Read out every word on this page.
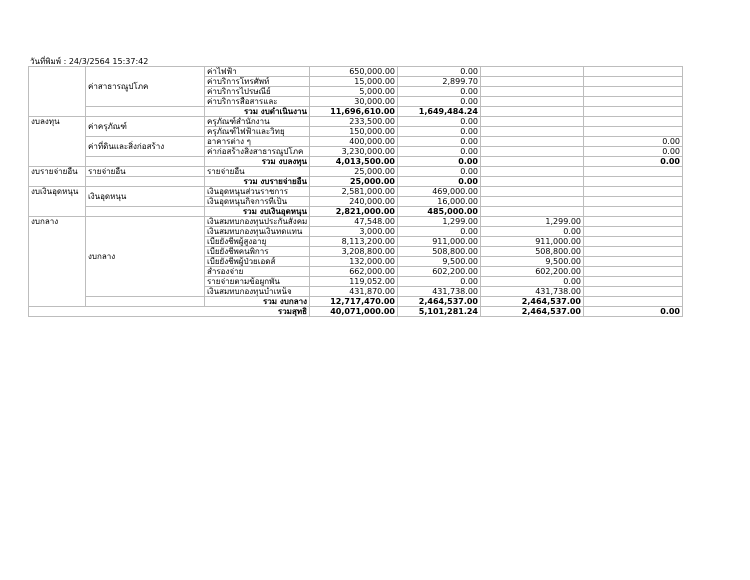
วันที่พิมพ์ : 24/3/2564 15:37:42
	ค่าสาธารณูปโภค	ค่าไฟฟ้า	650,000.00	0.00		
		ค่าบริการโทรศัพท์	15,000.00	2,899.70		
		ค่าบริการไปรษณีย์	5,000.00	0.00		
		ค่าบริการสื่อสารและ	30,000.00	0.00		
		รวม งบดำเนินงาน	11,696,610.00	1,649,484.24		
งบลงทุน	ค่าครุภัณฑ์	ครุภัณฑ์สำนักงาน	233,500.00	0.00		
		ครุภัณฑ์ไฟฟ้าและวิทยุ	150,000.00	0.00		
	ค่าที่ดินและสิ่งก่อสร้าง	อาคารต่าง ๆ	400,000.00	0.00		0.00
		ค่าก่อสร้างสิ่งสาธารณูปโภค	3,230,000.00	0.00		0.00
		รวม งบลงทุน	4,013,500.00	0.00		0.00
งบรายจ่ายอื่น	รายจ่ายอื่น	รายจ่ายอื่น	25,000.00	0.00		
		รวม งบรายจ่ายอื่น	25,000.00	0.00		
งบเงินอุดหนุน	เงินอุดหนุน	เงินอุดหนุนส่วนราชการ	2,581,000.00	469,000.00		
		เงินอุดหนุนกิจการที่เป็น	240,000.00	16,000.00		
		รวม งบเงินอุดหนุน	2,821,000.00	485,000.00		
งบกลาง	งบกลาง	เงินสมทบกองทุนประกันสังคม	47,548.00	1,299.00	1,299.00	
		เงินสมทบกองทุนเงินทดแทน	3,000.00	0.00	0.00	
		เบี้ยยังชีพผู้สูงอายุ	8,113,200.00	911,000.00	911,000.00	
		เบี้ยยังชีพคนพิการ	3,208,800.00	508,800.00	508,800.00	
		เบี้ยยังชีพผู้ป่วยเอดส์	132,000.00	9,500.00	9,500.00	
		สำรองจ่าย	662,000.00	602,200.00	602,200.00	
		รายจ่ายตามข้อผูกพัน	119,052.00	0.00	0.00	
		เงินสมทบกองทุนบำเหน็จ	431,870.00	431,738.00	431,738.00	
		รวม งบกลาง	12,717,470.00	2,464,537.00	2,464,537.00	
รวมสุทธิ			40,071,000.00	5,101,281.24	2,464,537.00	0.00
